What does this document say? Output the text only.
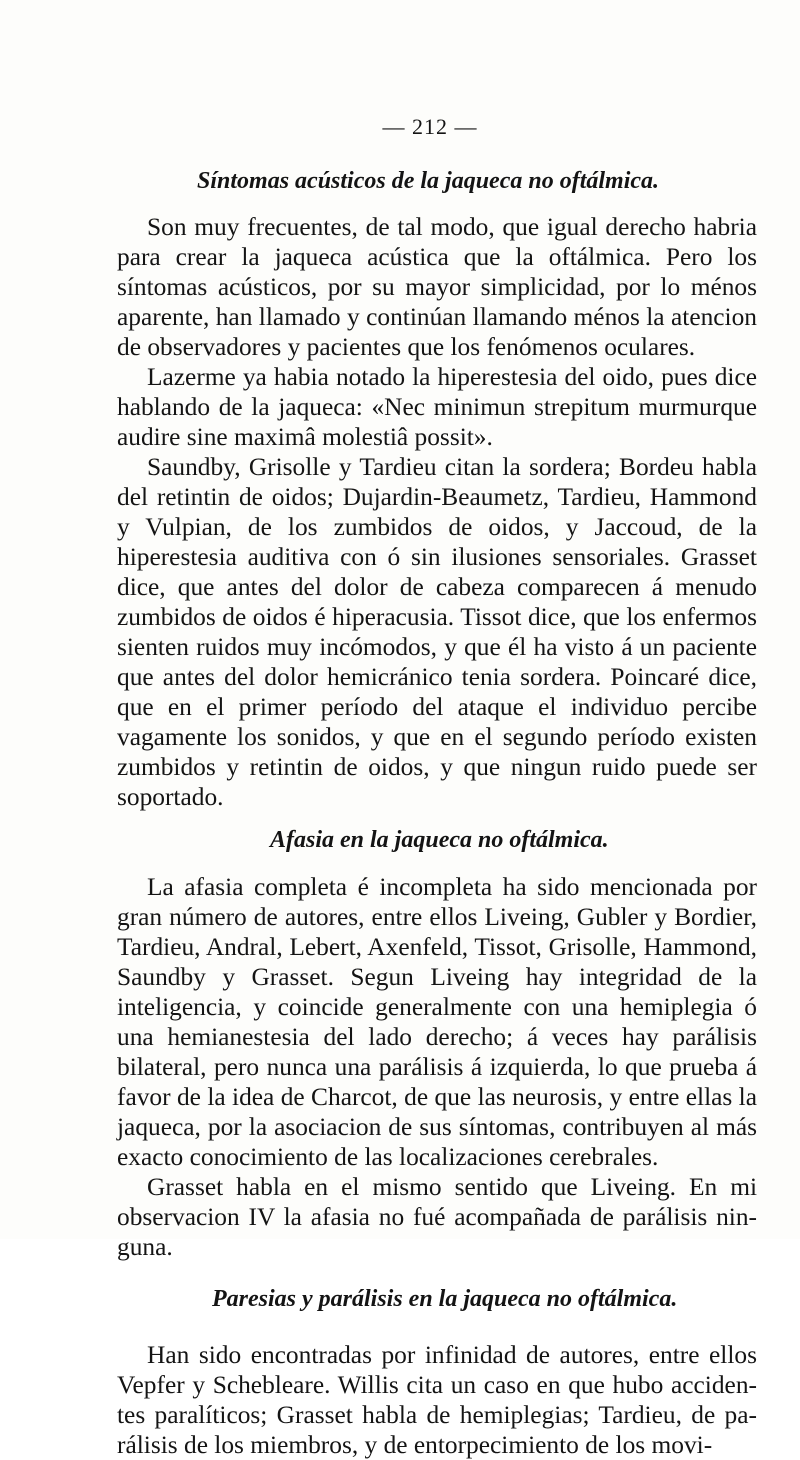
— 212 —
Síntomas acústicos de la jaqueca no oftálmica.

Son muy frecuentes, de tal modo, que igual derecho habria para crear la jaqueca acústica que la oftálmica. Pero los síntomas acústicos, por su mayor simplicidad, por lo ménos aparente, han llamado y continúan llamando ménos la atencion de observadores y pacientes que los fenómenos oculares.

Lazerme ya habia notado la hiperestesia del oido, pues dice hablando de la jaqueca: «Nec minimun strepitum murmurque audire sine maximâ molestiâ possit».

Saundby, Grisolle y Tardieu citan la sordera; Bordeu habla del retintin de oidos; Dujardin-Beaumetz, Tardieu, Hammond y Vulpian, de los zumbidos de oidos, y Jaccoud, de la hiperestesia auditiva con ó sin ilusiones sensoriales. Grasset dice, que antes del dolor de cabeza comparecen á menudo zumbidos de oidos é hiperacusia. Tissot dice, que los enfermos sienten ruidos muy incómodos, y que él ha visto á un paciente que antes del dolor hemicránico tenia sordera. Poincaré dice, que en el primer período del ataque el individuo percibe vagamente los sonidos, y que en el segundo período existen zumbidos y retintin de oidos, y que ningun ruido puede ser soportado.

Afasia en la jaqueca no oftálmica.

La afasia completa é incompleta ha sido mencionada por gran número de autores, entre ellos Liveing, Gubler y Bordier, Tardieu, Andral, Lebert, Axenfeld, Tissot, Grisolle, Hammond, Saundby y Grasset. Segun Liveing hay integridad de la inteligencia, y coincide generalmente con una hemiplegia ó una hemianestesia del lado derecho; á veces hay parálisis bilateral, pero nunca una parálisis á izquierda, lo que prueba á favor de la idea de Charcot, de que las neurosis, y entre ellas la jaqueca, por la asociacion de sus síntomas, contribuyen al más exacto conocimiento de las localizaciones cerebrales.

Grasset habla en el mismo sentido que Liveing. En mi observacion IV la afasia no fué acompañada de parálisis ninguna.

Paresias y parálisis en la jaqueca no oftálmica.

Han sido encontradas por infinidad de autores, entre ellos Vepfer y Schebleare. Willis cita un caso en que hubo accidentes paralíticos; Grasset habla de hemiplegias; Tardieu, de parálisis de los miembros, y de entorpecimiento de los movi-
